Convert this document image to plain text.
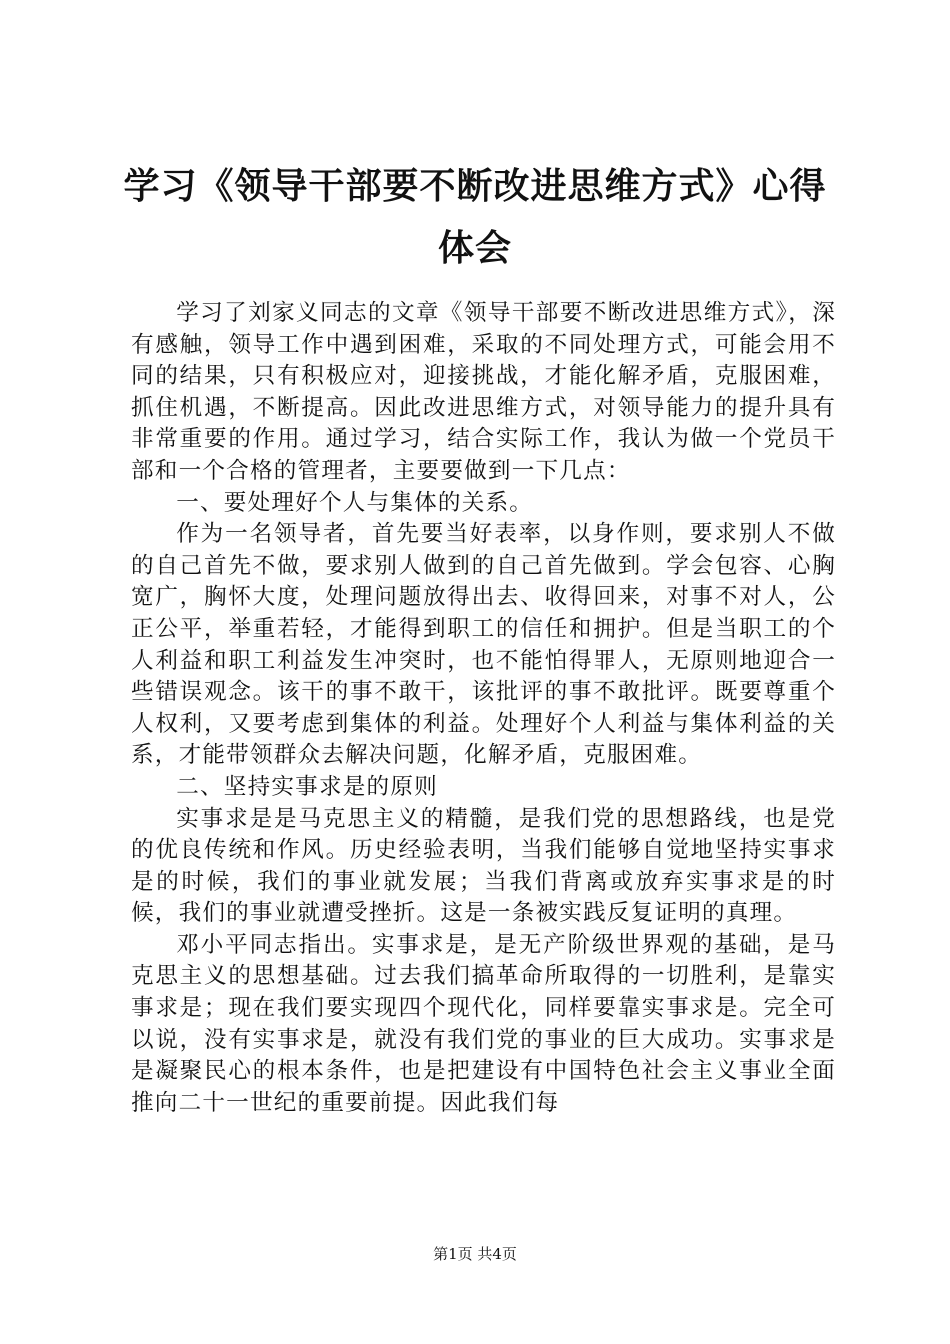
学习《领导干部要不断改进思维方式》心得体会

学习了刘家义同志的文章《领导干部要不断改进思维方式》，深有感触，领导工作中遇到困难，采取的不同处理方式，可能会用不同的结果，只有积极应对，迎接挑战，才能化解矛盾，克服困难，抓住机遇，不断提高。因此改进思维方式，对领导能力的提升具有非常重要的作用。通过学习，结合实际工作，我认为做一个党员干部和一个合格的管理者，主要要做到一下几点：

一、要处理好个人与集体的关系。

作为一名领导者，首先要当好表率，以身作则，要求别人不做的自己首先不做，要求别人做到的自己首先做到。学会包容、心胸宽广，胸怀大度，处理问题放得出去、收得回来，对事不对人，公正公平，举重若轻，才能得到职工的信任和拥护。但是当职工的个人利益和职工利益发生冲突时，也不能怕得罪人，无原则地迎合一些错误观念。该干的事不敢干，该批评的事不敢批评。既要尊重个人权利，又要考虑到集体的利益。处理好个人利益与集体利益的关系，才能带领群众去解决问题，化解矛盾，克服困难。

二、坚持实事求是的原则

实事求是是马克思主义的精髓，是我们党的思想路线，也是党的优良传统和作风。历史经验表明，当我们能够自觉地坚持实事求是的时候，我们的事业就发展；当我们背离或放弃实事求是的时候，我们的事业就遭受挫折。这是一条被实践反复证明的真理。

邓小平同志指出。实事求是，是无产阶级世界观的基础，是马克思主义的思想基础。过去我们搞革命所取得的一切胜利，是靠实事求是；现在我们要实现四个现代化，同样要靠实事求是。完全可以说，没有实事求是，就没有我们党的事业的巨大成功。实事求是是凝聚民心的根本条件，也是把建设有中国特色社会主义事业全面推向二十一世纪的重要前提。因此我们每

第1页 共4页
